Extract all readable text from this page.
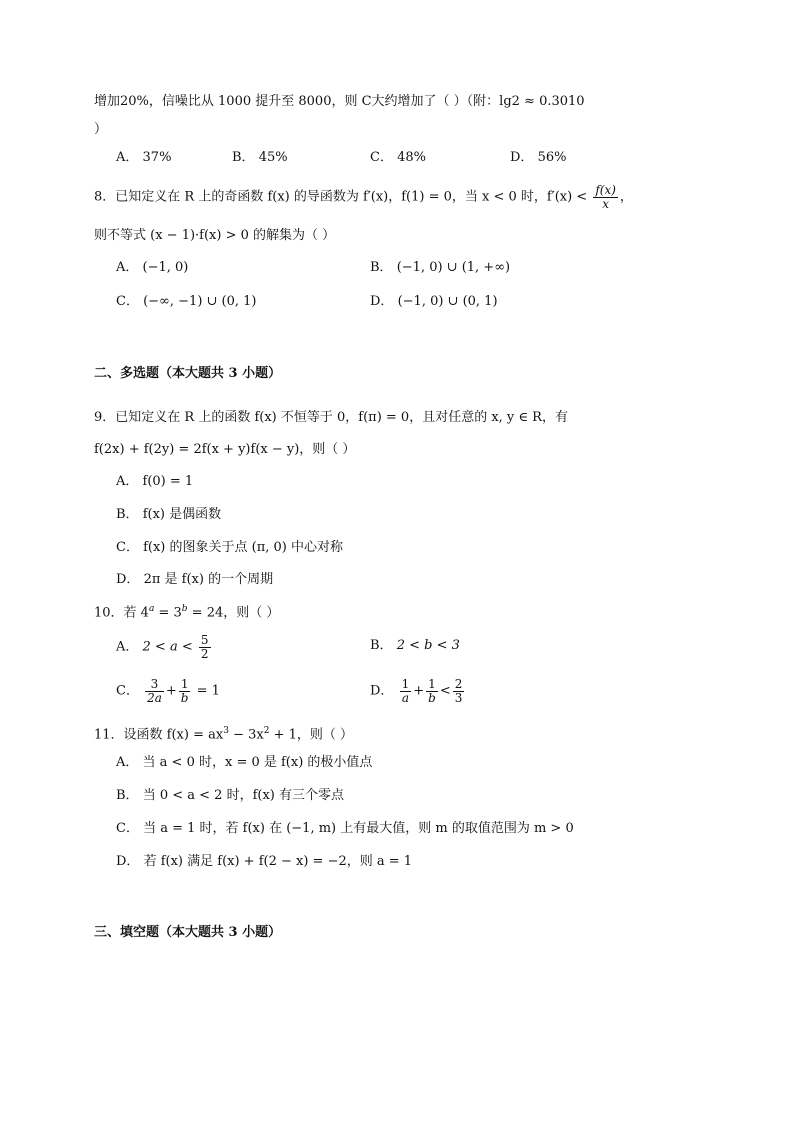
增加20%，信噪比从 1000 提升至 8000，则 C大约增加了（ ）（附：lg2 ≈ 0.3010
）
A． 37%	B． 45%	C． 48%	D． 56%
8．已知定义在 R 上的奇函数 f(x) 的导函数为 f′(x)，f(1) = 0，当 x < 0 时，$f'(x) < \frac{f(x)}{x}$ ，
则不等式 (x − 1)·f(x) > 0 的解集为（ ）
A． (−1, 0)	B． (−1, 0) ∪ (1, +∞)
C． (−∞, −1) ∪ (0, 1)	D． (−1, 0) ∪ (0, 1)
二、多选题（本大题共 3 小题）
9．已知定义在 R 上的函数 f(x) 不恒等于 0，f(π) = 0，且对任意的 x, y ∈ R，有
f(2x) + f(2y) = 2f(x + y)f(x − y)，则（ ）
A． f(0) = 1
B． f(x) 是偶函数
C． f(x) 的图象关于点 (π, 0) 中心对称
D． 2π 是 f(x) 的一个周期
10．若 $4^a = 3^b = 24$，则（ ）
A． $2 < a < \frac{5}{2}$	B． 2 < b < 3
C． $\frac{3}{2a} + \frac{1}{b} = 1$	D． $\frac{1}{a} + \frac{1}{b} < \frac{2}{3}$
11．设函数 $f(x) = ax^3 - 3x^2 + 1$，则（ ）
A． 当 a < 0 时，x = 0 是 f(x) 的极小值点
B． 当 0 < a < 2 时，f(x) 有三个零点
C． 当 a = 1 时，若 f(x) 在 (−1, m) 上有最大值，则 m 的取值范围为 m > 0
D． 若 f(x) 满足 f(x) + f(2 − x) = −2，则 a = 1
三、填空题（本大题共 3 小题）
